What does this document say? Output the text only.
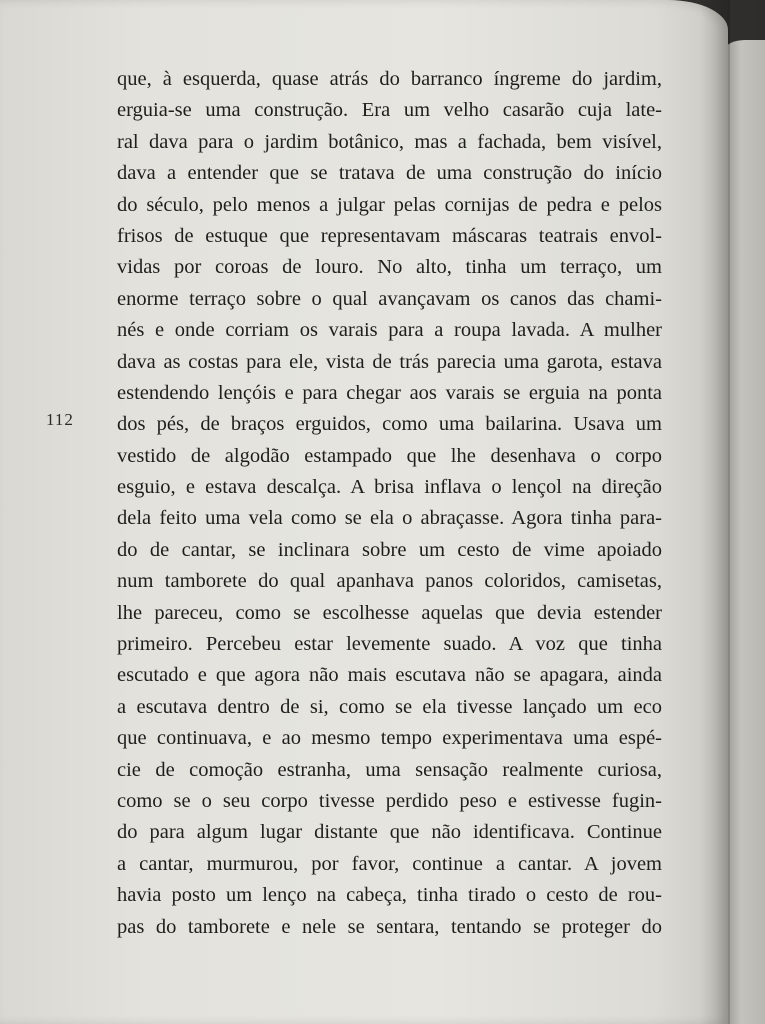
112
que, à esquerda, quase atrás do barranco íngreme do jardim,
erguia-se uma construção. Era um velho casarão cuja late-
ral dava para o jardim botânico, mas a fachada, bem visível,
dava a entender que se tratava de uma construção do início
do século, pelo menos a julgar pelas cornijas de pedra e pelos
frisos de estuque que representavam máscaras teatrais envol-
vidas por coroas de louro. No alto, tinha um terraço, um
enorme terraço sobre o qual avançavam os canos das chami-
nés e onde corriam os varais para a roupa lavada. A mulher
dava as costas para ele, vista de trás parecia uma garota, estava
estendendo lençóis e para chegar aos varais se erguia na ponta
dos pés, de braços erguidos, como uma bailarina. Usava um
vestido de algodão estampado que lhe desenhava o corpo
esguio, e estava descalça. A brisa inflava o lençol na direção
dela feito uma vela como se ela o abraçasse. Agora tinha para-
do de cantar, se inclinara sobre um cesto de vime apoiado
num tamborete do qual apanhava panos coloridos, camisetas,
lhe pareceu, como se escolhesse aquelas que devia estender
primeiro. Percebeu estar levemente suado. A voz que tinha
escutado e que agora não mais escutava não se apagara, ainda
a escutava dentro de si, como se ela tivesse lançado um eco
que continuava, e ao mesmo tempo experimentava uma espé-
cie de comoção estranha, uma sensação realmente curiosa,
como se o seu corpo tivesse perdido peso e estivesse fugin-
do para algum lugar distante que não identificava. Continue
a cantar, murmurou, por favor, continue a cantar. A jovem
havia posto um lenço na cabeça, tinha tirado o cesto de rou-
pas do tamborete e nele se sentara, tentando se proteger do
